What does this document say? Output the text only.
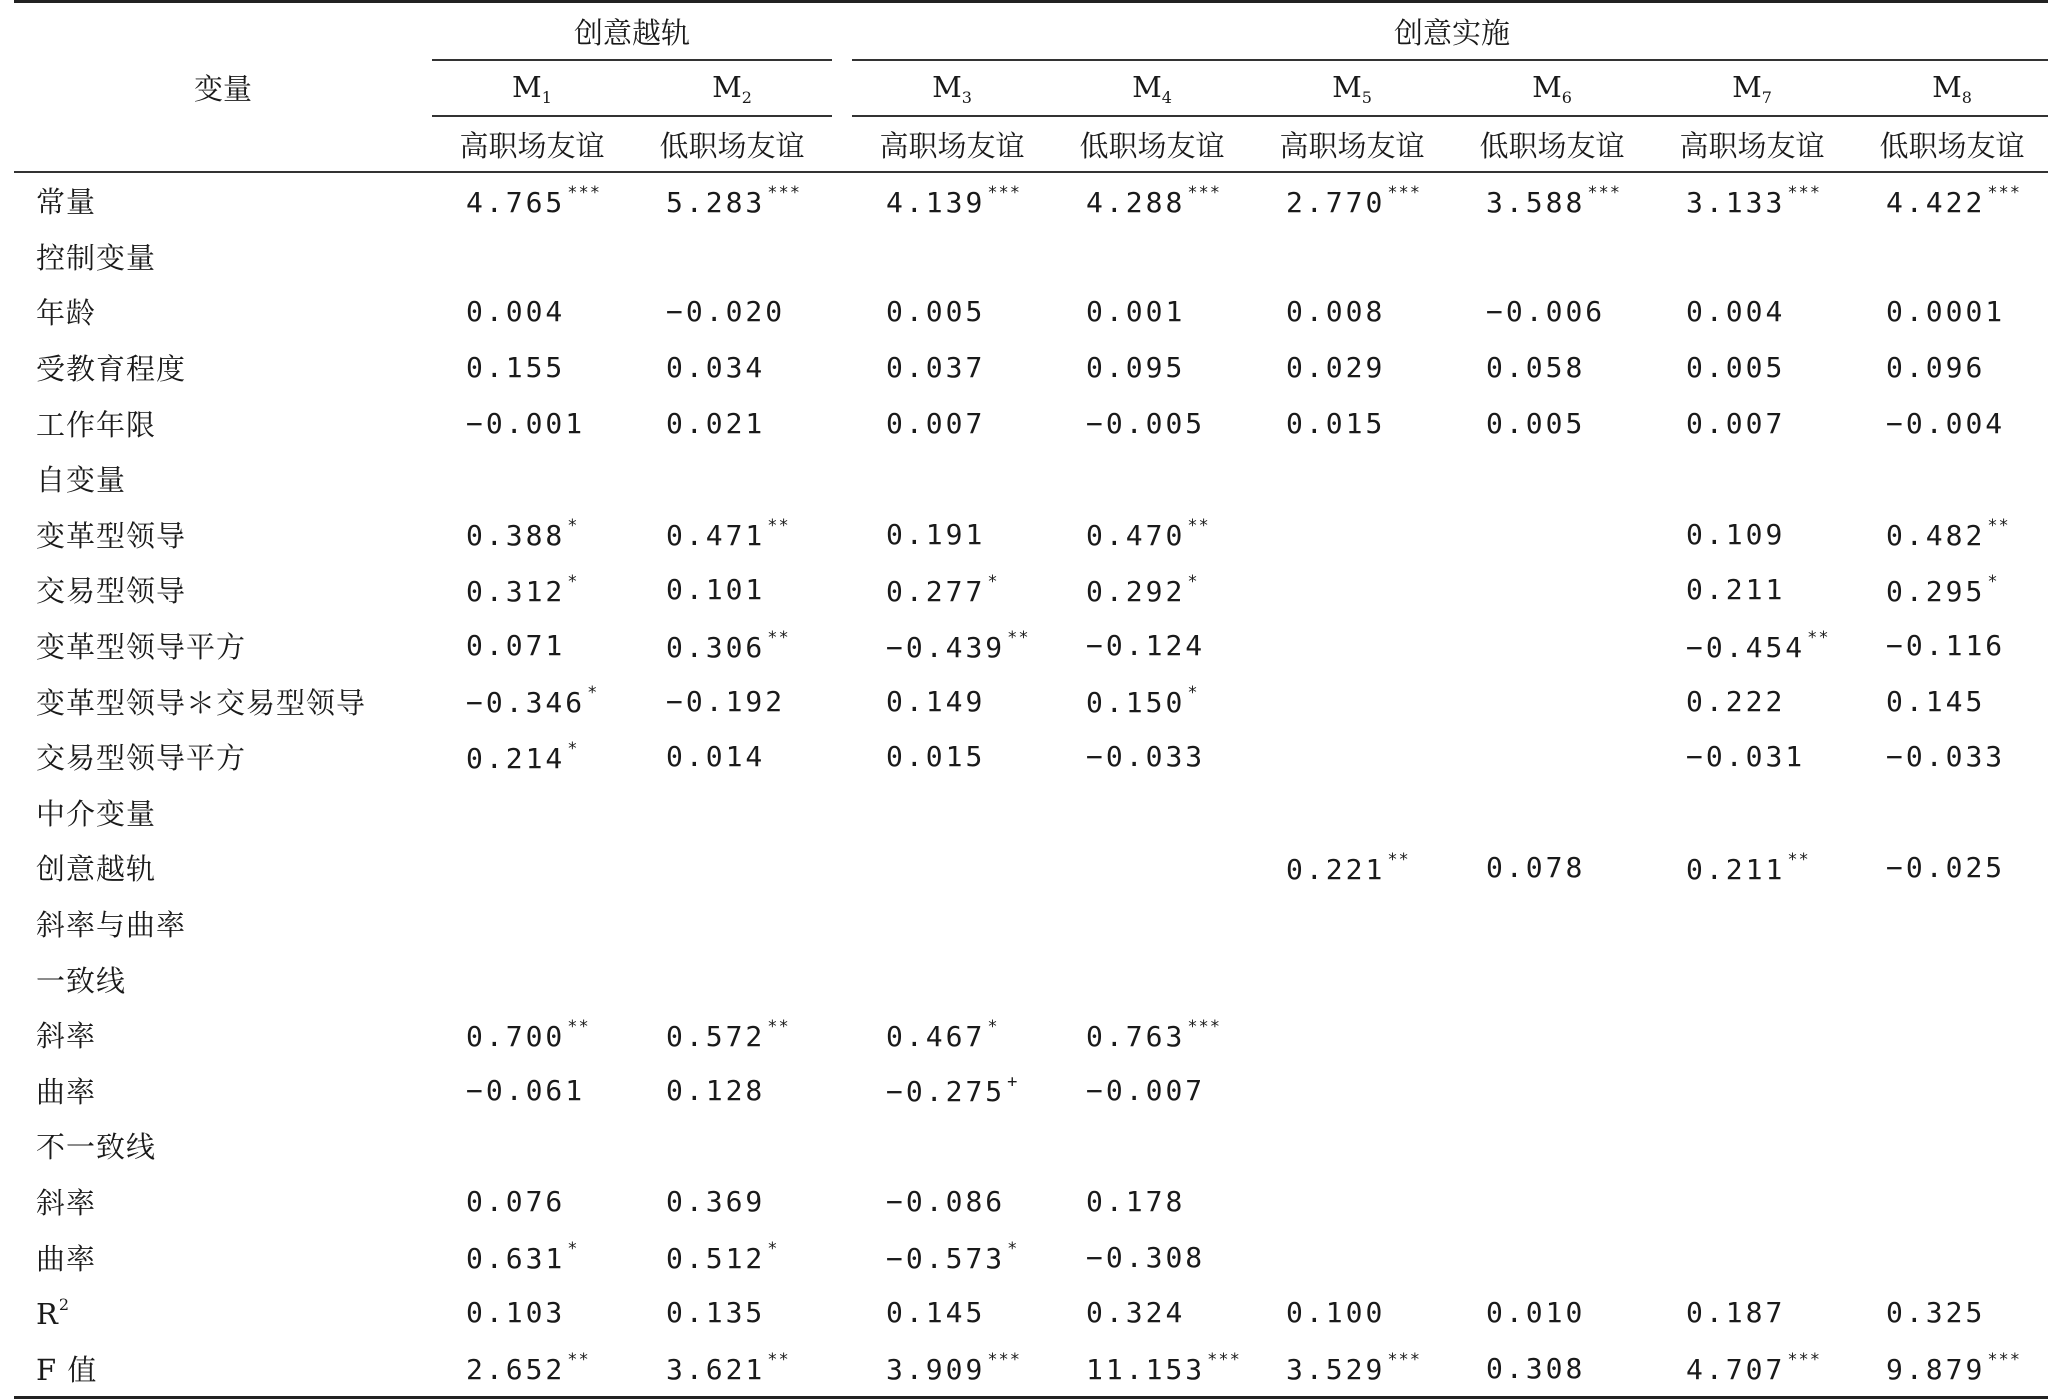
变量	创意越轨			创意实施					
	$M_1$	$M_2$		$M_3$	$M_4$	$M_5$	$M_6$	$M_7$	$M_8$
	高职场友谊	低职场友谊		高职场友谊	低职场友谊	高职场友谊	低职场友谊	高职场友谊	低职场友谊
常量	4.765 ***	5.283 ***		4.139 ***	4.288 ***	2.770 ***	3.588 ***	3.133 ***	4.422 ***
控制变量									
年龄	0.004	−0.020		0.005	0.001	0.008	−0.006	0.004	0.0001
受教育程度	0.155	0.034		0.037	0.095	0.029	0.058	0.005	0.096
工作年限	−0.001	0.021		0.007	−0.005	0.015	0.005	0.007	−0.004
自变量									
变革型领导	0.388 *	0.471 **		0.191	0.470 **			0.109	0.482 **
交易型领导	0.312 *	0.101		0.277 *	0.292 *			0.211	0.295 *
变革型领导平方	0.071	0.306 **		−0.439 **	−0.124			−0.454 **	−0.116
变革型领导＊交易型领导	−0.346 *	−0.192		0.149	0.150 *			0.222	0.145
交易型领导平方	0.214 *	0.014		0.015	−0.033			−0.031	−0.033
中介变量									
创意越轨						0.221 **	0.078	0.211 **	−0.025
斜率与曲率									
一致线									
斜率	0.700 **	0.572 **		0.467 *	0.763 ***				
曲率	−0.061	0.128		−0.275 +	−0.007				
不一致线									
斜率	0.076	0.369		−0.086	0.178				
曲率	0.631 *	0.512 *		−0.573 *	−0.308				
$R^2$	0.103	0.135		0.145	0.324	0.100	0.010	0.187	0.325
F 值	2.652 **	3.621 **		3.909 ***	11.153 ***	3.529 ***	0.308	4.707 ***	9.879 ***
